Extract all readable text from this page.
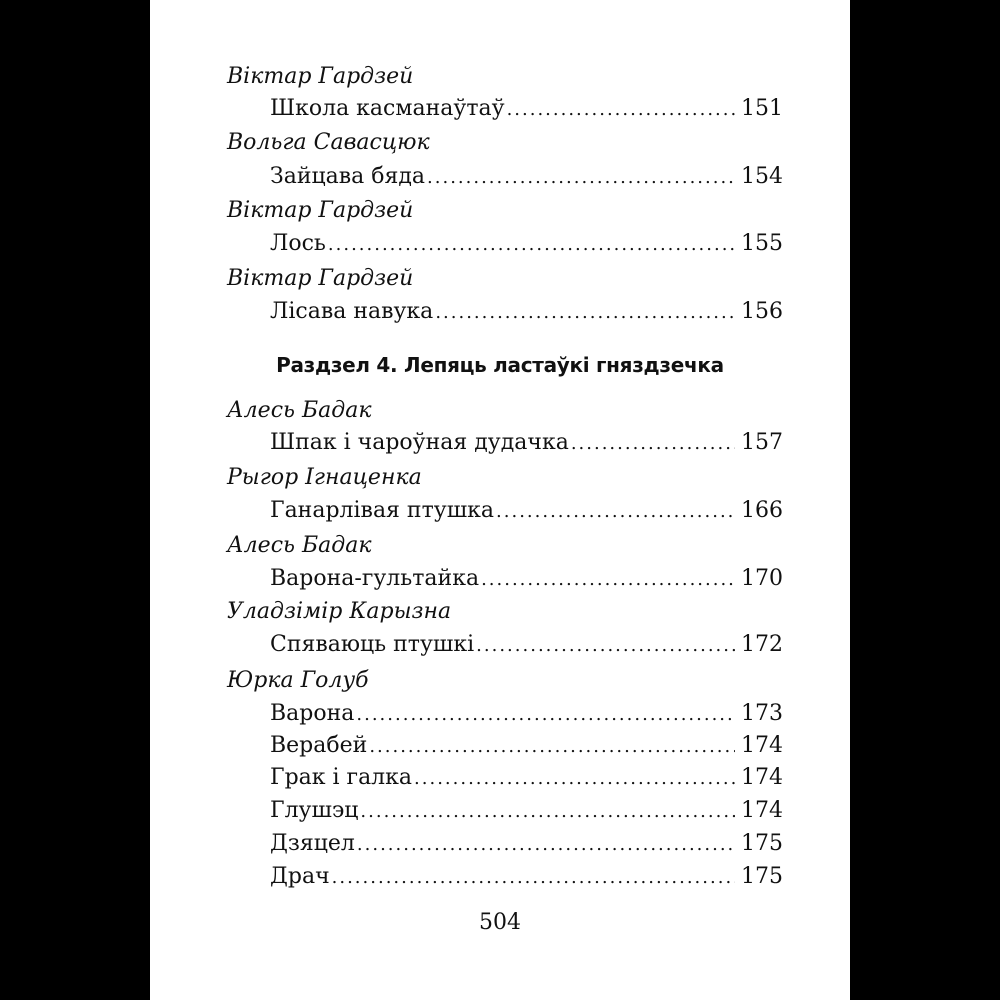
Віктар Гардзей
Школа касманаўтаў .....	151
Вольга Савасцюк
Зайцава бяда .....	154
Віктар Гардзей
Лось .....	155
Віктар Гардзей
Лісава навука .....	156
Раздзел 4. Лепяць ластаўкі гняздзечка
Алесь Бадак
Шпак і чароўная дудачка .....	157
Рыгор Ігнаценка
Ганарлівая птушка .....	166
Алесь Бадак
Варона-гультайка .....	170
Уладзімір Карызна
Спяваюць птушкі .....	172
Юрка Голуб
Варона .....	173
Верабей .....	174
Грак і галка .....	174
Глушэц .....	174
Дзяцел .....	175
Драч .....	175
504
